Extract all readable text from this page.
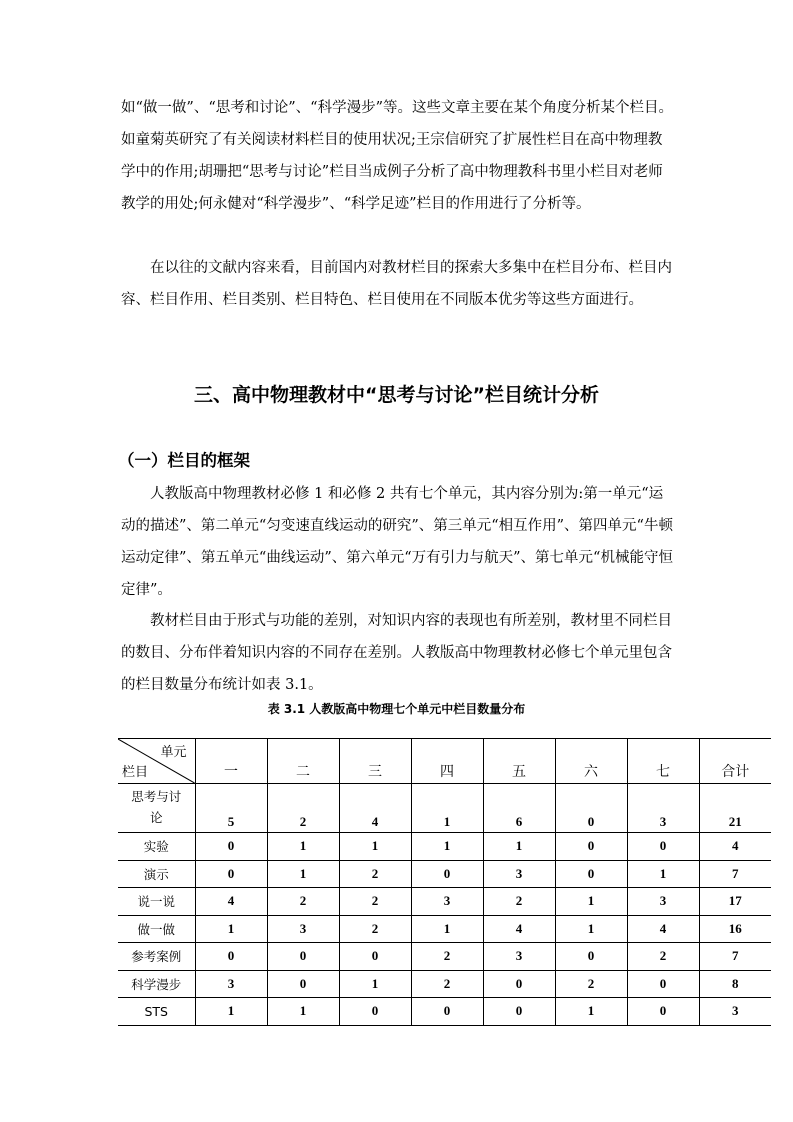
如“做一做”、“思考和讨论”、“科学漫步”等。这些文章主要在某个角度分析某个栏目。如童菊英研究了有关阅读材料栏目的使用状况;王宗信研究了扩展性栏目在高中物理教学中的作用;胡珊把“思考与讨论”栏目当成例子分析了高中物理教科书里小栏目对老师教学的用处;何永健对“科学漫步”、“科学足迹”栏目的作用进行了分析等。

在以往的文献内容来看，目前国内对教材栏目的探索大多集中在栏目分布、栏目内容、栏目作用、栏目类别、栏目特色、栏目使用在不同版本优劣等这些方面进行。

三、高中物理教材中“思考与讨论”栏目统计分析
（一）栏目的框架

人教版高中物理教材必修 1 和必修 2 共有七个单元，其内容分别为:第一单元“运动的描述”、第二单元“匀变速直线运动的研究”、第三单元“相互作用”、第四单元“牛顿运动定律”、第五单元“曲线运动”、第六单元“万有引力与航天”、第七单元“机械能守恒定律”。

教材栏目由于形式与功能的差别，对知识内容的表现也有所差别，教材里不同栏目的数目、分布伴着知识内容的不同存在差别。人教版高中物理教材必修七个单元里包含的栏目数量分布统计如表 3.1。

表 3.1 人教版高中物理七个单元中栏目数量分布
单元
栏目	一	二	三	四	五	六	七	合计
思考与讨
论	5	2	4	1	6	0	3	21
实验	0	1	1	1	1	0	0	4
演示	0	1	2	0	3	0	1	7
说一说	4	2	2	3	2	1	3	17
做一做	1	3	2	1	4	1	4	16
参考案例	0	0	0	2	3	0	2	7
科学漫步	3	0	1	2	0	2	0	8
STS	1	1	0	0	0	1	0	3
